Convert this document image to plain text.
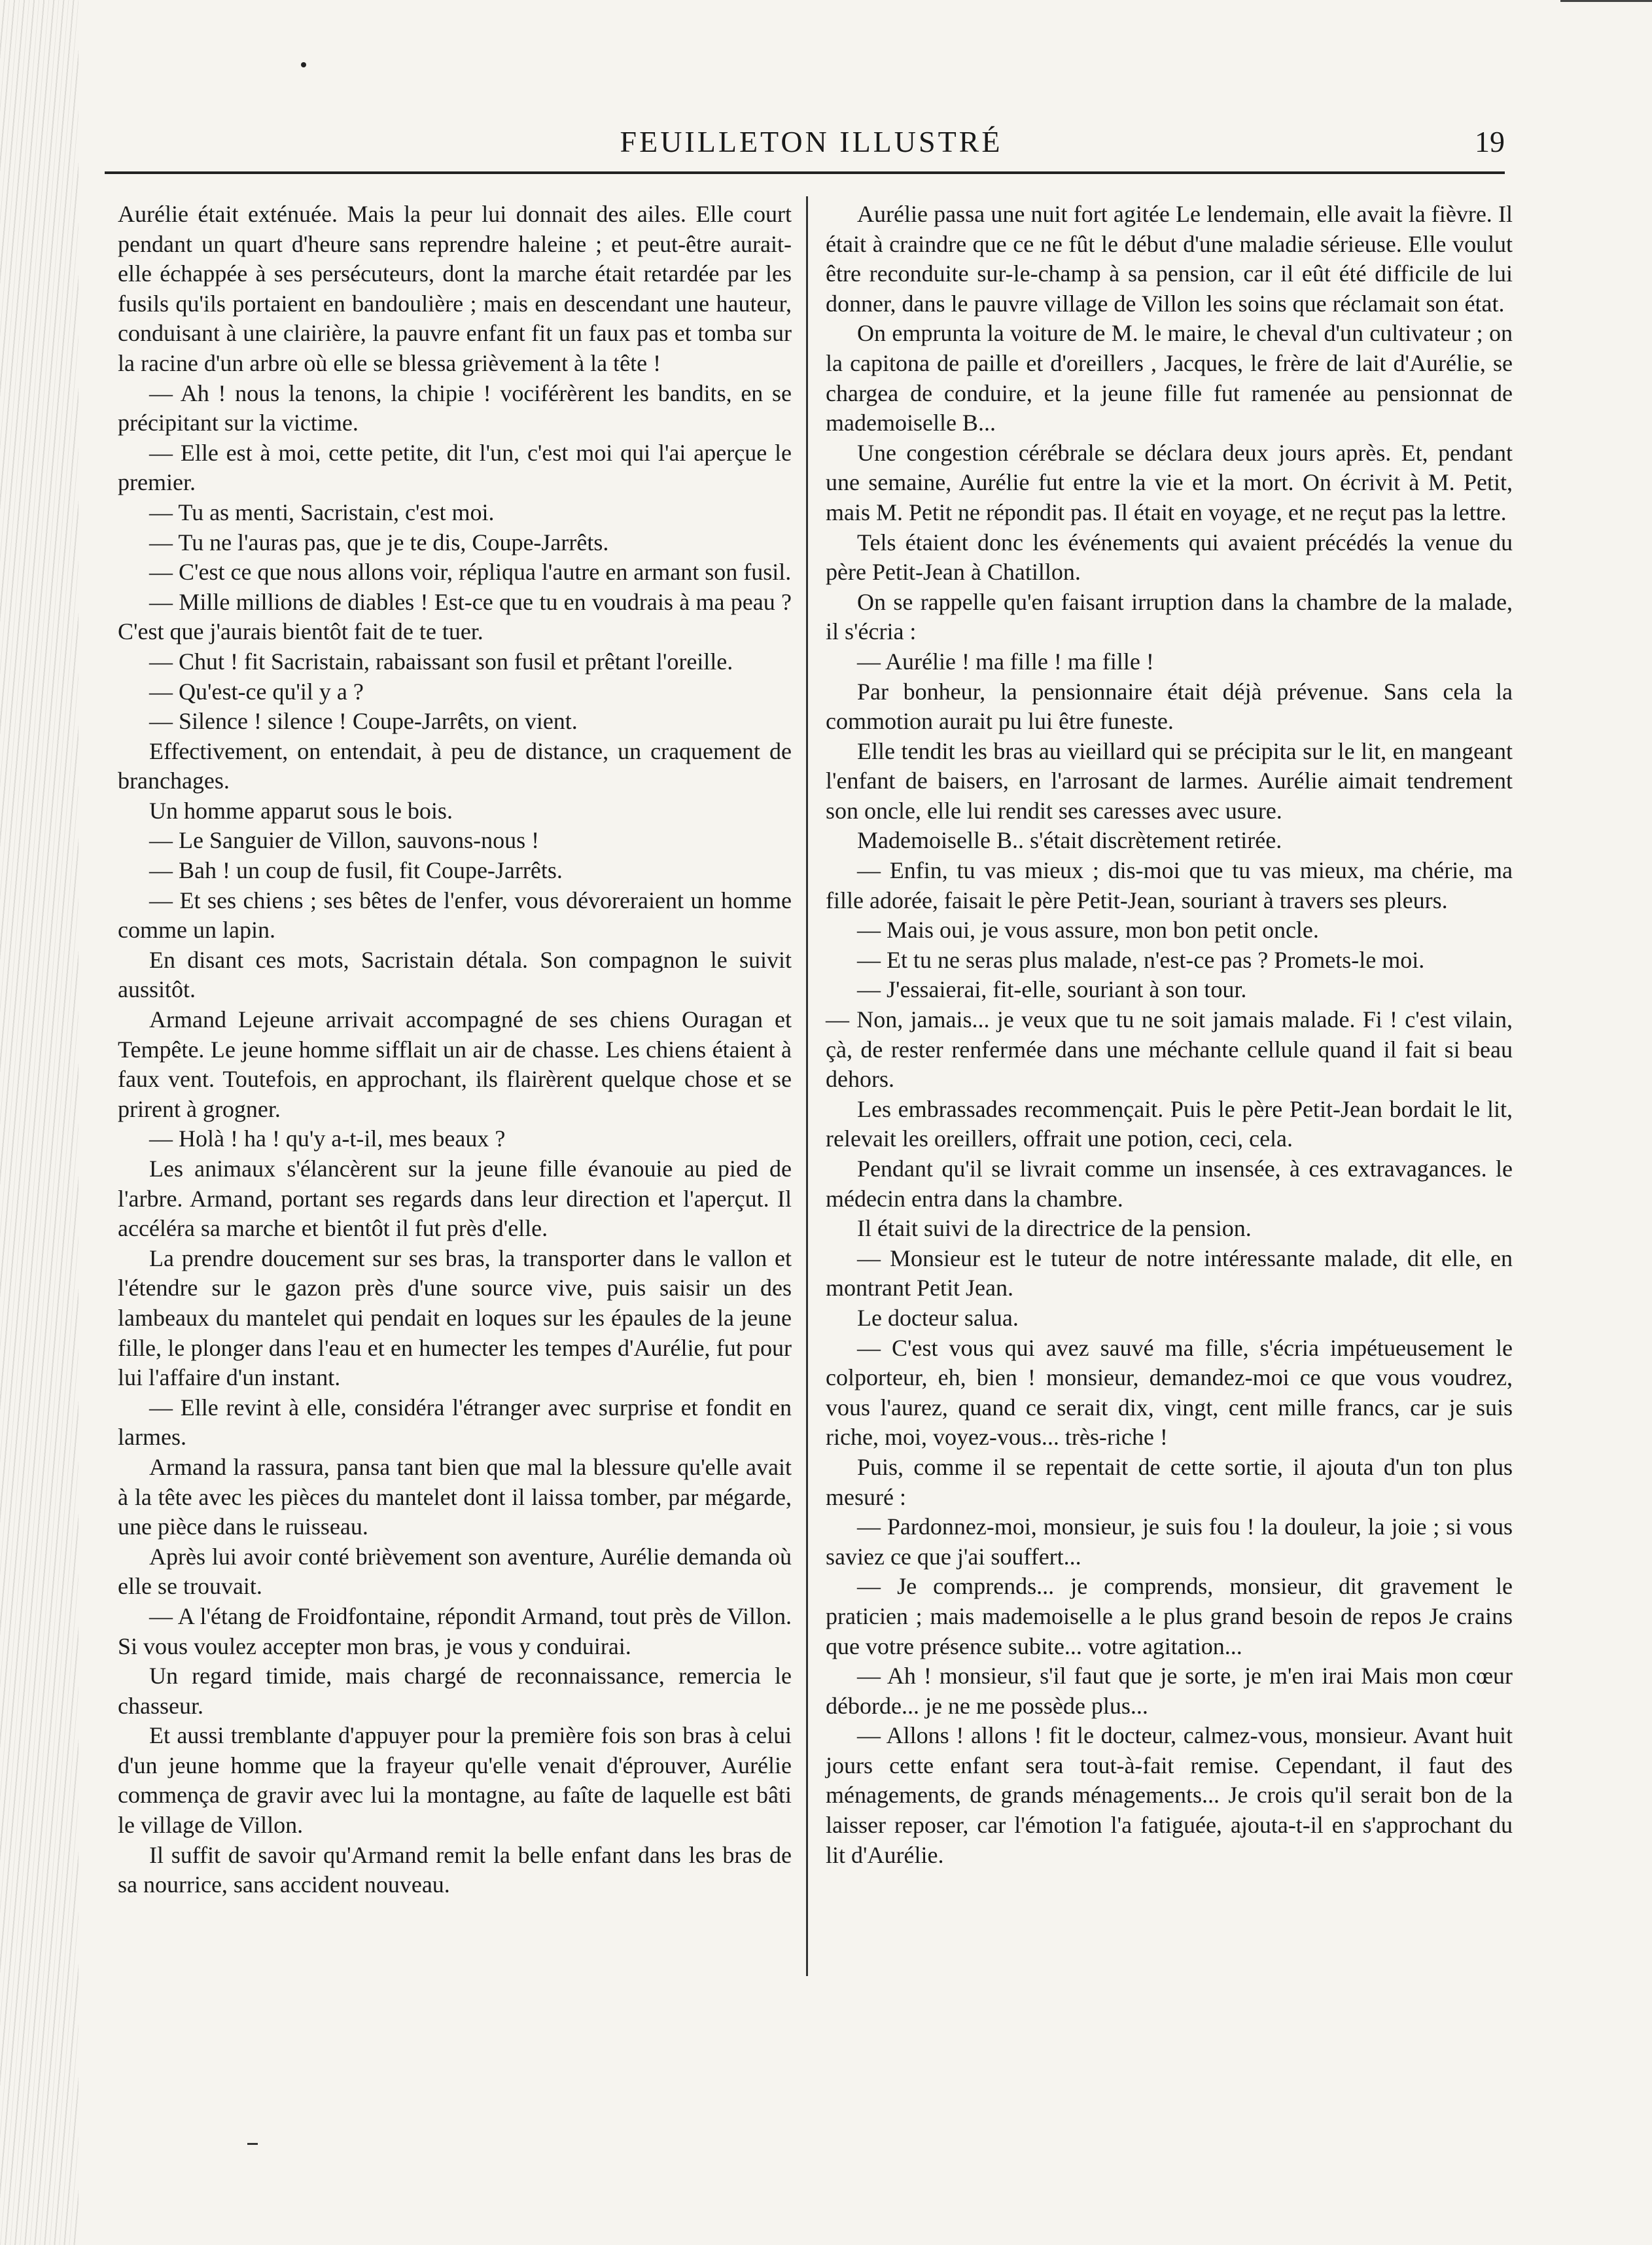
FEUILLETON ILLUSTRÉ	19

Aurélie était exténuée. Mais la peur lui donnait des ailes. Elle court pendant un quart d'heure sans reprendre haleine ; et peut-être aurait-elle échappée à ses persécuteurs, dont la marche était retardée par les fusils qu'ils portaient en bandoulière ; mais en descendant une hauteur, conduisant à une clairière, la pauvre enfant fit un faux pas et tomba sur la racine d'un arbre où elle se blessa grièvement à la tête !

— Ah ! nous la tenons, la chipie ! vociférèrent les bandits, en se précipitant sur la victime.

— Elle est à moi, cette petite, dit l'un, c'est moi qui l'ai aperçue le premier.

— Tu as menti, Sacristain, c'est moi.

— Tu ne l'auras pas, que je te dis, Coupe-Jarrêts.

— C'est ce que nous allons voir, répliqua l'autre en armant son fusil.

— Mille millions de diables ! Est-ce que tu en voudrais à ma peau ? C'est que j'aurais bientôt fait de te tuer.

— Chut ! fit Sacristain, rabaissant son fusil et prêtant l'oreille.

— Qu'est-ce qu'il y a ?

— Silence ! silence ! Coupe-Jarrêts, on vient.

Effectivement, on entendait, à peu de distance, un craquement de branchages.

Un homme apparut sous le bois.

— Le Sanguier de Villon, sauvons-nous !

— Bah ! un coup de fusil, fit Coupe-Jarrêts.

— Et ses chiens ; ses bêtes de l'enfer, vous dévoreraient un homme comme un lapin.

En disant ces mots, Sacristain détala. Son compagnon le suivit aussitôt.

Armand Lejeune arrivait accompagné de ses chiens Ouragan et Tempête. Le jeune homme sifflait un air de chasse. Les chiens étaient à faux vent. Toutefois, en approchant, ils flairèrent quelque chose et se prirent à grogner.

— Holà ! ha ! qu'y a-t-il, mes beaux ?

Les animaux s'élancèrent sur la jeune fille évanouie au pied de l'arbre. Armand, portant ses regards dans leur direction et l'aperçut. Il accéléra sa marche et bientôt il fut près d'elle.

La prendre doucement sur ses bras, la transporter dans le vallon et l'étendre sur le gazon près d'une source vive, puis saisir un des lambeaux du mantelet qui pendait en loques sur les épaules de la jeune fille, le plonger dans l'eau et en humecter les tempes d'Aurélie, fut pour lui l'affaire d'un instant.

— Elle revint à elle, considéra l'étranger avec surprise et fondit en larmes.

Armand la rassura, pansa tant bien que mal la blessure qu'elle avait à la tête avec les pièces du mantelet dont il laissa tomber, par mégarde, une pièce dans le ruisseau.

Après lui avoir conté brièvement son aventure, Aurélie demanda où elle se trouvait.

— A l'étang de Froidfontaine, répondit Armand, tout près de Villon. Si vous voulez accepter mon bras, je vous y conduirai.

Un regard timide, mais chargé de reconnaissance, remercia le chasseur.

Et aussi tremblante d'appuyer pour la première fois son bras à celui d'un jeune homme que la frayeur qu'elle venait d'éprouver, Aurélie commença de gravir avec lui la montagne, au faîte de laquelle est bâti le village de Villon.

Il suffit de savoir qu'Armand remit la belle enfant dans les bras de sa nourrice, sans accident nouveau.

Aurélie passa une nuit fort agitée Le lendemain, elle avait la fièvre. Il était à craindre que ce ne fût le début d'une maladie sérieuse. Elle voulut être reconduite sur-le-champ à sa pension, car il eût été difficile de lui donner, dans le pauvre village de Villon les soins que réclamait son état.

On emprunta la voiture de M. le maire, le cheval d'un cultivateur ; on la capitona de paille et d'oreillers , Jacques, le frère de lait d'Aurélie, se chargea de conduire, et la jeune fille fut ramenée au pensionnat de mademoiselle B...

Une congestion cérébrale se déclara deux jours après. Et, pendant une semaine, Aurélie fut entre la vie et la mort. On écrivit à M. Petit, mais M. Petit ne répondit pas. Il était en voyage, et ne reçut pas la lettre.

Tels étaient donc les événements qui avaient précédés la venue du père Petit-Jean à Chatillon.

On se rappelle qu'en faisant irruption dans la chambre de la malade, il s'écria :

— Aurélie ! ma fille ! ma fille !

Par bonheur, la pensionnaire était déjà prévenue. Sans cela la commotion aurait pu lui être funeste.

Elle tendit les bras au vieillard qui se précipita sur le lit, en mangeant l'enfant de baisers, en l'arrosant de larmes. Aurélie aimait tendrement son oncle, elle lui rendit ses caresses avec usure.

Mademoiselle B.. s'était discrètement retirée.

— Enfin, tu vas mieux ; dis-moi que tu vas mieux, ma chérie, ma fille adorée, faisait le père Petit-Jean, souriant à travers ses pleurs.

— Mais oui, je vous assure, mon bon petit oncle.

— Et tu ne seras plus malade, n'est-ce pas ? Promets-le moi.

— J'essaierai, fit-elle, souriant à son tour.

— Non, jamais... je veux que tu ne soit jamais malade. Fi ! c'est vilain, çà, de rester renfermée dans une méchante cellule quand il fait si beau dehors.

Les embrassades recommençait. Puis le père Petit-Jean bordait le lit, relevait les oreillers, offrait une potion, ceci, cela.

Pendant qu'il se livrait comme un insensée, à ces extravagances. le médecin entra dans la chambre.

Il était suivi de la directrice de la pension.

— Monsieur est le tuteur de notre intéressante malade, dit elle, en montrant Petit Jean.

Le docteur salua.

— C'est vous qui avez sauvé ma fille, s'écria impétueusement le colporteur, eh, bien ! monsieur, demandez-moi ce que vous voudrez, vous l'aurez, quand ce serait dix, vingt, cent mille francs, car je suis riche, moi, voyez-vous... très-riche !

Puis, comme il se repentait de cette sortie, il ajouta d'un ton plus mesuré :

— Pardonnez-moi, monsieur, je suis fou ! la douleur, la joie ; si vous saviez ce que j'ai souffert...

— Je comprends... je comprends, monsieur, dit gravement le praticien ; mais mademoiselle a le plus grand besoin de repos Je crains que votre présence subite... votre agitation...

— Ah ! monsieur, s'il faut que je sorte, je m'en irai Mais mon cœur déborde... je ne me possède plus...

— Allons ! allons ! fit le docteur, calmez-vous, monsieur. Avant huit jours cette enfant sera tout-à-fait remise. Cependant, il faut des ménagements, de grands ménagements... Je crois qu'il serait bon de la laisser reposer, car l'émotion l'a fatiguée, ajouta-t-il en s'approchant du lit d'Aurélie.
